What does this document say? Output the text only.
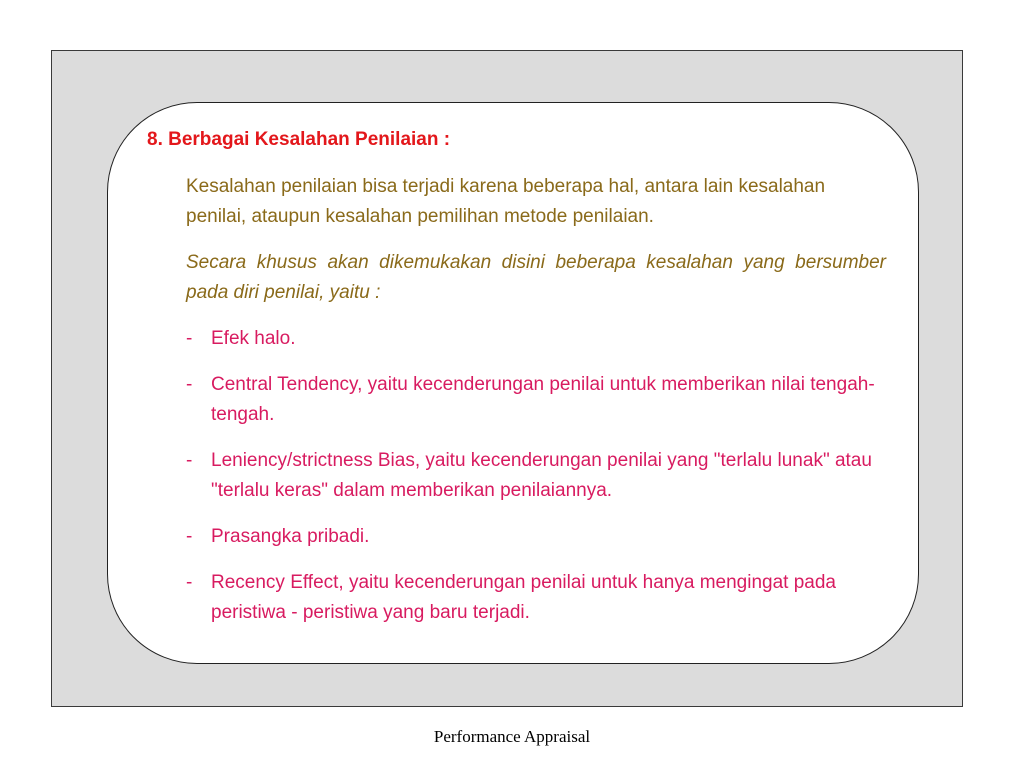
8. Berbagai Kesalahan Penilaian :

Kesalahan penilaian bisa terjadi karena beberapa hal, antara lain kesalahan penilai, ataupun kesalahan pemilihan metode penilaian.

Secara khusus akan dikemukakan disini beberapa kesalahan yang bersumber pada diri penilai, yaitu :

- Efek halo.
- Central Tendency, yaitu kecenderungan penilai untuk memberikan nilai tengah-tengah.
- Leniency/strictness Bias, yaitu kecenderungan penilai yang "terlalu lunak" atau "terlalu keras" dalam memberikan penilaiannya.
- Prasangka pribadi.
- Recency Effect, yaitu kecenderungan penilai untuk hanya mengingat pada peristiwa - peristiwa yang baru terjadi.
Performance Appraisal
